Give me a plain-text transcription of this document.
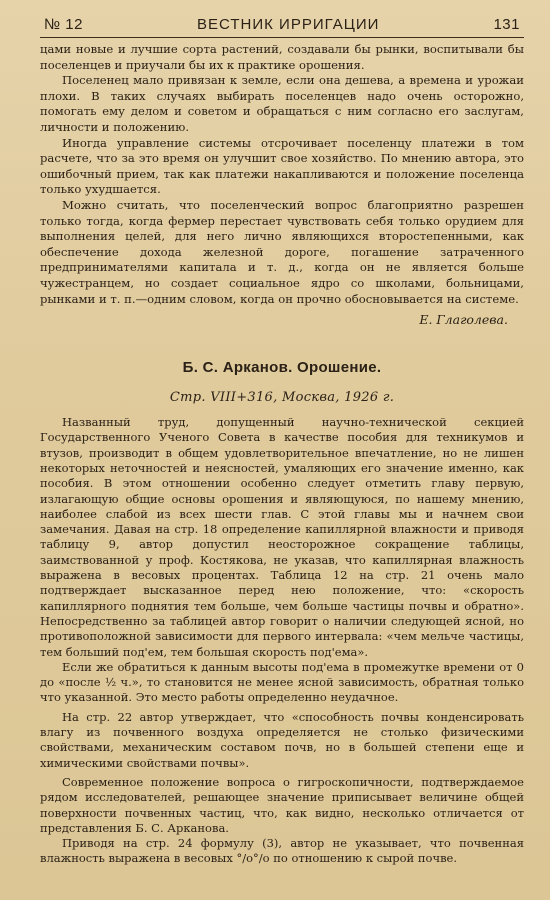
№ 12	ВЕСТНИК ИРРИГАЦИИ	131

цами новые и лучшие сорта растений, создавали бы рынки, воспитывали бы поселенцев и приучали бы их к практике орошения.

Поселенец мало привязан к земле, если она дешева, а времена и урожаи плохи. В таких случаях выбирать поселенцев надо очень осторожно, помогать ему делом и советом и обращаться с ним согласно его заслугам, личности и положению.

Иногда управление системы отсрочивает поселенцу платежи в том расчете, что за это время он улучшит свое хозяйство. По мнению автора, это ошибочный прием, так как платежи накапливаются и положение поселенца только ухудшается.

Можно считать, что поселенческий вопрос благоприятно разрешен только тогда, когда фермер перестает чувствовать себя только орудием для выполнения целей, для него лично являющихся второстепенными, как обеспечение дохода железной дороге, погашение затраченного предпринимателями капитала и т. д., когда он не является больше чужестранцем, но создает социальное ядро со школами, больницами, рынками и т. п.—одним словом, когда он прочно обосновывается на системе.

Е. Глаголева.
Б. С. Арканов. Орошение.
Стр. VIII+316, Москва, 1926 г.

Названный труд, допущенный научно-технической секцией Государственного Ученого Совета в качестве пособия для техникумов и втузов, производит в общем удовлетворительное впечатление, но не лишен некоторых неточностей и неясностей, умаляющих его значение именно, как пособия. В этом отношении особенно следует отметить главу первую, излагающую общие основы орошения и являющуюся, по нашему мнению, наиболее слабой из всех шести глав. С этой главы мы и начнем свои замечания. Давая на стр. 18 определение капиллярной влажности и приводя таблицу 9, автор допустил неосторожное сокращение таблицы, заимствованной у проф. Костякова, не указав, что капиллярная влажность выражена в весовых процентах. Таблица 12 на стр. 21 очень мало подтверждает высказанное перед нею положение, что: «скорость капиллярного поднятия тем больше, чем больше частицы почвы и обратно». Непосредственно за таблицей автор говорит о наличии следующей ясной, но противоположной зависимости для первого интервала: «чем мельче частицы, тем больший под'ем, тем большая скорость под'ема».

Если же обратиться к данным высоты под'ема в промежутке времени от 0 до «после ½ ч.», то становится не менее ясной зависимость, обратная только что указанной. Это место работы определенно неудачное.

На стр. 22 автор утверждает, что «способность почвы конденсировать влагу из почвенного воздуха определяется не столько физическими свойствами, механическим составом почв, но в большей степени еще и химическими свойствами почвы».

Современное положение вопроса о гигроскопичности, подтверждаемое рядом исследователей, решающее значение приписывает величине общей поверхности почвенных частиц, что, как видно, несколько отличается от представления Б. С. Арканова.

Приводя на стр. 24 формулу (3), автор не указывает, что почвенная влажность выражена в весовых °/о°/о по отношению к сырой почве.
